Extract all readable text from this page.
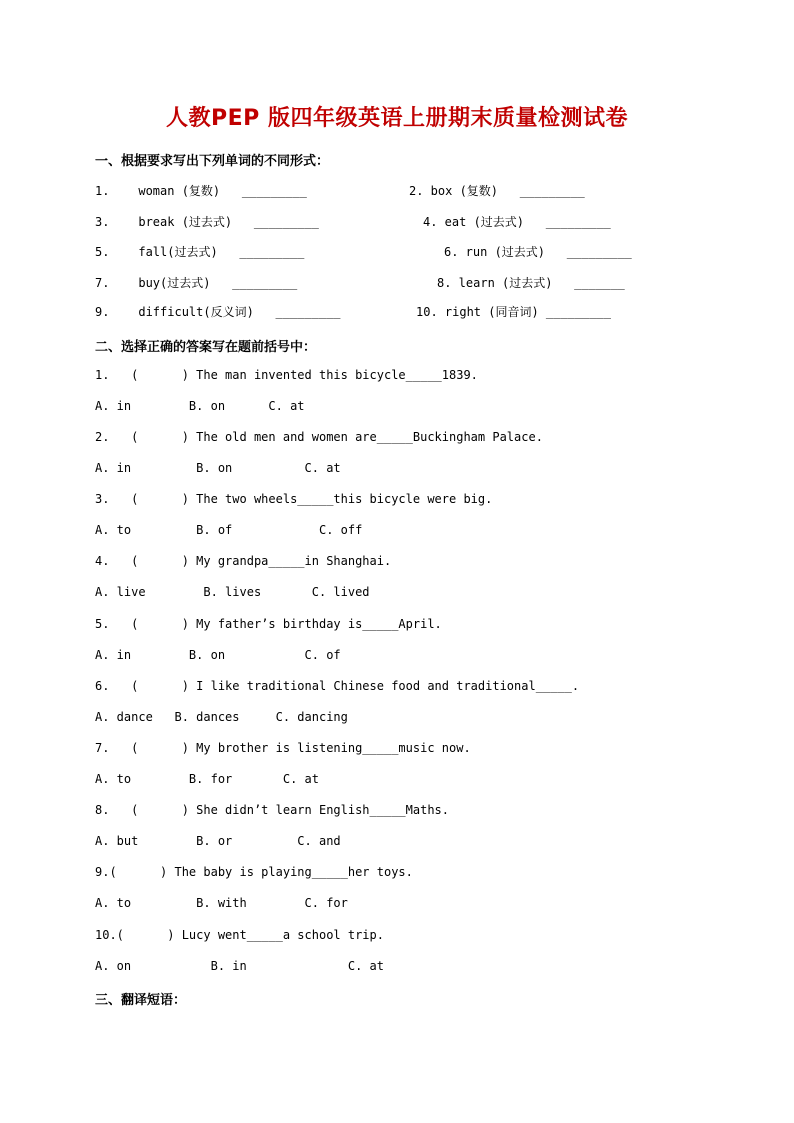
人教PEP 版四年级英语上册期末质量检测试卷
一、根据要求写出下列单词的不同形式：
1.    woman (复数)   _________	2. box (复数)   _________
3.    break (过去式)   _________	4. eat (过去式)   _________
5.    fall(过去式)   _________	6. run (过去式)   _________
7.    buy(过去式)   _________	8. learn (过去式)   _______
9.    difficult(反义词)   _________	10. right (同音词) _________
二、选择正确的答案写在题前括号中：
1.   (      ) The man invented this bicycle_____1839.
A. in        B. on      C. at
2.   (      ) The old men and women are_____Buckingham Palace.
A. in         B. on          C. at
3.   (      ) The two wheels_____this bicycle were big.
A. to         B. of            C. off
4.   (      ) My grandpa_____in Shanghai.
A. live        B. lives       C. lived
5.   (      ) My father’s birthday is_____April.
A. in        B. on           C. of
6.   (      ) I like traditional Chinese food and traditional_____.
A. dance   B. dances     C. dancing
7.   (      ) My brother is listening_____music now.
A. to        B. for       C. at
8.   (      ) She didn’t learn English_____Maths.
A. but        B. or         C. and
9.(      ) The baby is playing_____her toys.
A. to         B. with        C. for
10.(      ) Lucy went_____a school trip.
A. on           B. in              C. at
三、翻译短语：
